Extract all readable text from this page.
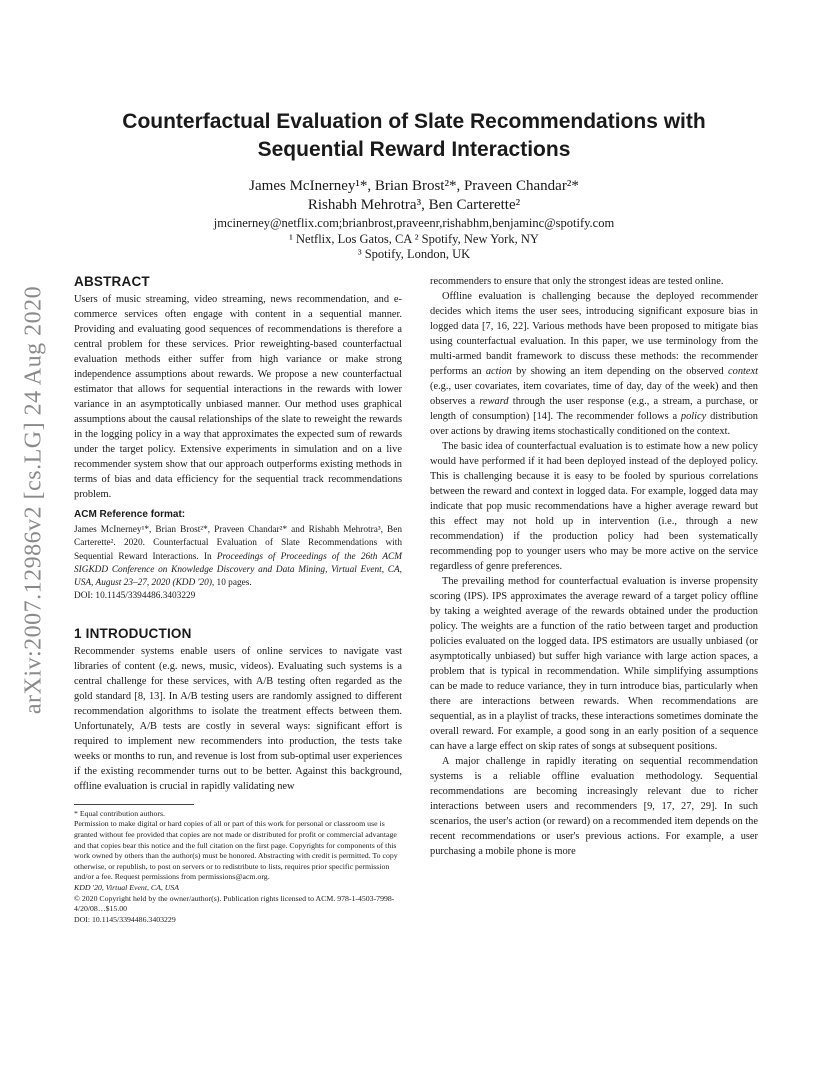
arXiv:2007.12986v2 [cs.LG] 24 Aug 2020
Counterfactual Evaluation of Slate Recommendations with
Sequential Reward Interactions
James McInerney¹*, Brian Brost²*, Praveen Chandar²*
Rishabh Mehrotra³, Ben Carterette²
jmcinerney@netflix.com;brianbrost,praveenr,rishabhm,benjaminc@spotify.com
¹ Netflix, Los Gatos, CA ² Spotify, New York, NY
³ Spotify, London, UK
ABSTRACT

Users of music streaming, video streaming, news recommendation, and e-commerce services often engage with content in a sequential manner. Providing and evaluating good sequences of recommendations is therefore a central problem for these services. Prior reweighting-based counterfactual evaluation methods either suffer from high variance or make strong independence assumptions about rewards. We propose a new counterfactual estimator that allows for sequential interactions in the rewards with lower variance in an asymptotically unbiased manner. Our method uses graphical assumptions about the causal relationships of the slate to reweight the rewards in the logging policy in a way that approximates the expected sum of rewards under the target policy. Extensive experiments in simulation and on a live recommender system show that our approach outperforms existing methods in terms of bias and data efficiency for the sequential track recommendations problem.

ACM Reference format:

James McInerney¹*, Brian Brost²*, Praveen Chandar²* and Rishabh Mehrotra³, Ben Carterette². 2020. Counterfactual Evaluation of Slate Recommendations with Sequential Reward Interactions. In Proceedings of Proceedings of the 26th ACM SIGKDD Conference on Knowledge Discovery and Data Mining, Virtual Event, CA, USA, August 23–27, 2020 (KDD '20), 10 pages.

DOI: 10.1145/3394486.3403229

1 INTRODUCTION

Recommender systems enable users of online services to navigate vast libraries of content (e.g. news, music, videos). Evaluating such systems is a central challenge for these services, with A/B testing often regarded as the gold standard [8, 13]. In A/B testing users are randomly assigned to different recommendation algorithms to isolate the treatment effects between them. Unfortunately, A/B tests are costly in several ways: significant effort is required to implement new recommenders into production, the tests take weeks or months to run, and revenue is lost from sub-optimal user experiences if the existing recommender turns out to be better. Against this background, offline evaluation is crucial in rapidly validating new

* Equal contribution authors.

Permission to make digital or hard copies of all or part of this work for personal or classroom use is granted without fee provided that copies are not made or distributed for profit or commercial advantage and that copies bear this notice and the full citation on the first page. Copyrights for components of this work owned by others than the author(s) must be honored. Abstracting with credit is permitted. To copy otherwise, or republish, to post on servers or to redistribute to lists, requires prior specific permission and/or a fee. Request permissions from permissions@acm.org.

KDD '20, Virtual Event, CA, USA

© 2020 Copyright held by the owner/author(s). Publication rights licensed to ACM. 978-1-4503-7998-4/20/08…$15.00

DOI: 10.1145/3394486.3403229

recommenders to ensure that only the strongest ideas are tested online.

Offline evaluation is challenging because the deployed recommender decides which items the user sees, introducing significant exposure bias in logged data [7, 16, 22]. Various methods have been proposed to mitigate bias using counterfactual evaluation. In this paper, we use terminology from the multi-armed bandit framework to discuss these methods: the recommender performs an action by showing an item depending on the observed context (e.g., user covariates, item covariates, time of day, day of the week) and then observes a reward through the user response (e.g., a stream, a purchase, or length of consumption) [14]. The recommender follows a policy distribution over actions by drawing items stochastically conditioned on the context.

The basic idea of counterfactual evaluation is to estimate how a new policy would have performed if it had been deployed instead of the deployed policy. This is challenging because it is easy to be fooled by spurious correlations between the reward and context in logged data. For example, logged data may indicate that pop music recommendations have a higher average reward but this effect may not hold up in intervention (i.e., through a new recommendation) if the production policy had been systematically recommending pop to younger users who may be more active on the service regardless of genre preferences.

The prevailing method for counterfactual evaluation is inverse propensity scoring (IPS). IPS approximates the average reward of a target policy offline by taking a weighted average of the rewards obtained under the production policy. The weights are a function of the ratio between target and production policies evaluated on the logged data. IPS estimators are usually unbiased (or asymptotically unbiased) but suffer high variance with large action spaces, a problem that is typical in recommendation. While simplifying assumptions can be made to reduce variance, they in turn introduce bias, particularly when there are interactions between rewards. When recommendations are sequential, as in a playlist of tracks, these interactions sometimes dominate the overall reward. For example, a good song in an early position of a sequence can have a large effect on skip rates of songs at subsequent positions.

A major challenge in rapidly iterating on sequential recommendation systems is a reliable offline evaluation methodology. Sequential recommendations are becoming increasingly relevant due to richer interactions between users and recommenders [9, 17, 27, 29]. In such scenarios, the user's action (or reward) on a recommended item depends on the recent recommendations or user's previous actions. For example, a user purchasing a mobile phone is more
